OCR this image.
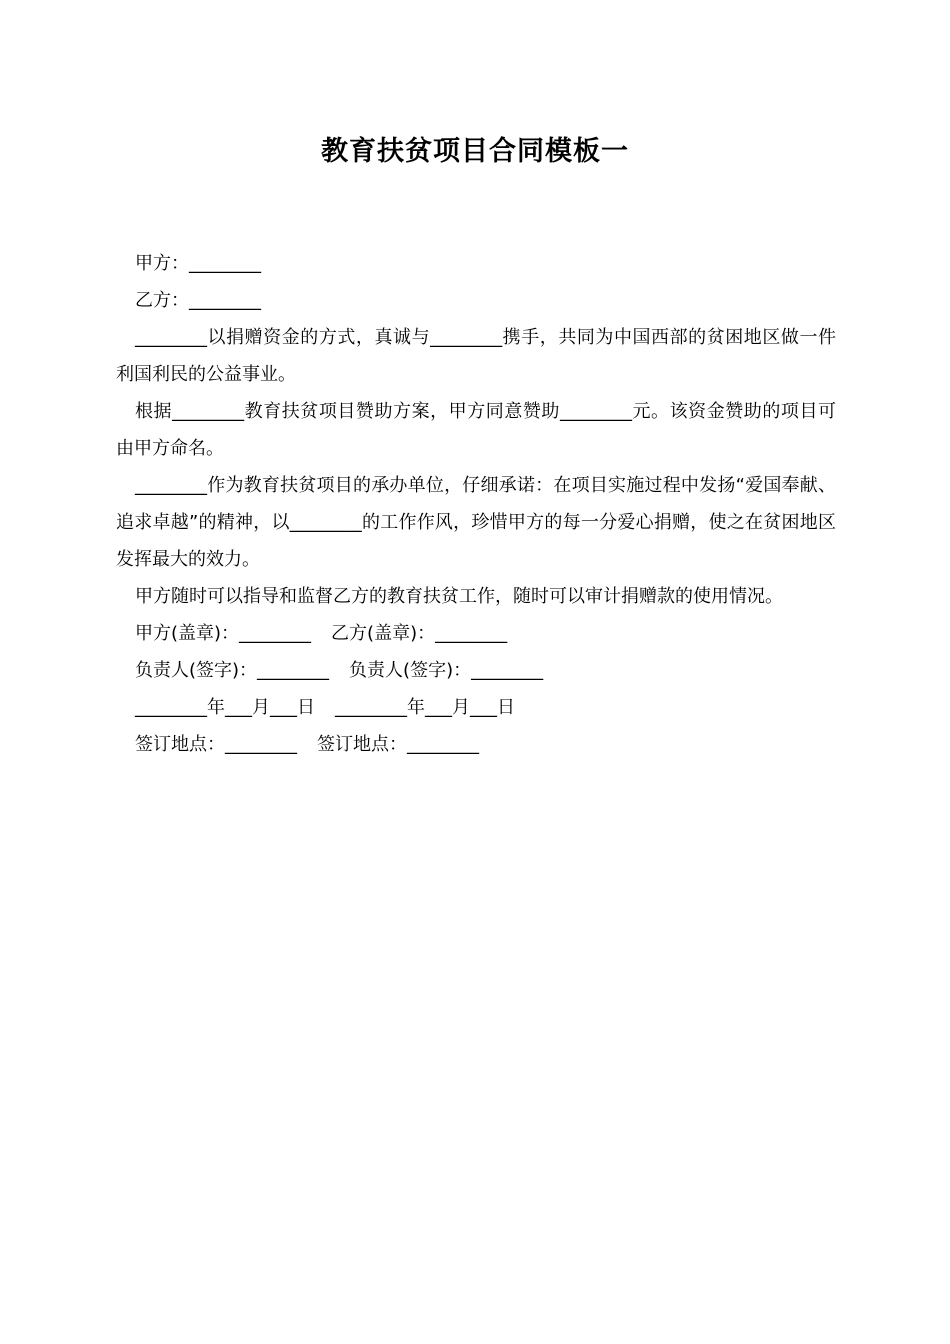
教育扶贫项目合同模板一

甲方：________

乙方：________

________以捐赠资金的方式，真诚与________携手，共同为中国西部的贫困地区做一件利国利民的公益事业。

根据________教育扶贫项目赞助方案，甲方同意赞助________元。该资金赞助的项目可由甲方命名。

________作为教育扶贫项目的承办单位，仔细承诺：在项目实施过程中发扬“爱国奉献、追求卓越”的精神，以________的工作作风，珍惜甲方的每一分爱心捐赠，使之在贫困地区发挥最大的效力。

甲方随时可以指导和监督乙方的教育扶贫工作，随时可以审计捐赠款的使用情况。

甲方(盖章)：________ 乙方(盖章)：________

负责人(签字)：________ 负责人(签字)：________

________年___月___日 ________年___月___日

签订地点：________ 签订地点：________
